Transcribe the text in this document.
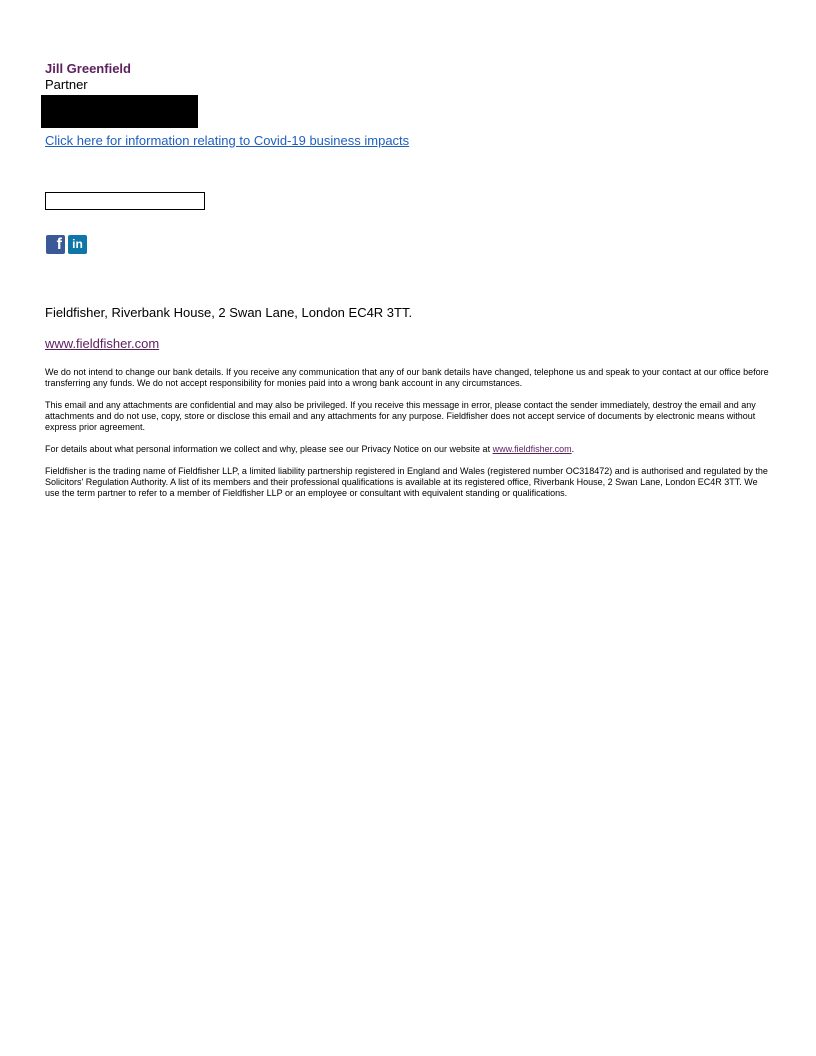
Jill Greenfield

Partner

Click here for information relating to Covid-19 business impacts
f in

Fieldfisher, Riverbank House, 2 Swan Lane, London EC4R 3TT.

www.fieldfisher.com

We do not intend to change our bank details. If you receive any communication that any of our bank details have changed, telephone us and speak to your contact at our office before transferring any funds. We do not accept responsibility for monies paid into a wrong bank account in any circumstances.

This email and any attachments are confidential and may also be privileged. If you receive this message in error, please contact the sender immediately, destroy the email and any attachments and do not use, copy, store or disclose this email and any attachments for any purpose. Fieldfisher does not accept service of documents by electronic means without express prior agreement.

For details about what personal information we collect and why, please see our Privacy Notice on our website at www.fieldfisher.com.

Fieldfisher is the trading name of Fieldfisher LLP, a limited liability partnership registered in England and Wales (registered number OC318472) and is authorised and regulated by the Solicitors' Regulation Authority. A list of its members and their professional qualifications is available at its registered office, Riverbank House, 2 Swan Lane, London EC4R 3TT. We use the term partner to refer to a member of Fieldfisher LLP or an employee or consultant with equivalent standing or qualifications.
